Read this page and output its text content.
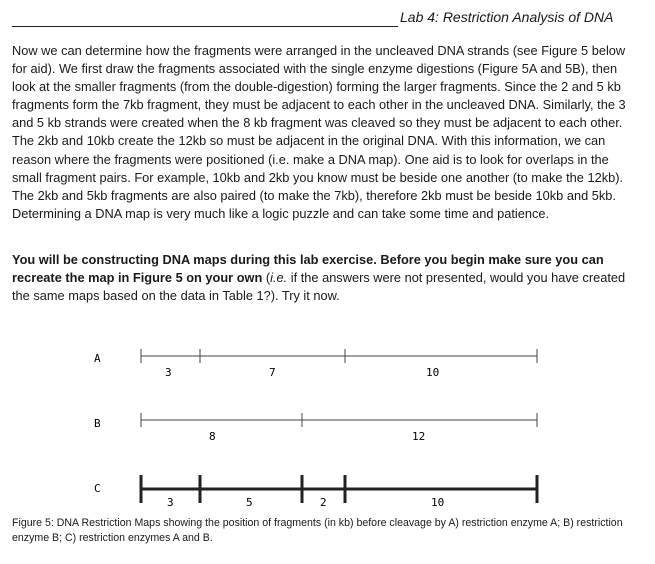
Lab 4: Restriction Analysis of DNA

Now we can determine how the fragments were arranged in the uncleaved DNA strands (see Figure 5 below for aid). We first draw the fragments associated with the single enzyme digestions (Figure 5A and 5B), then look at the smaller fragments (from the double-digestion) forming the larger fragments. Since the 2 and 5 kb fragments form the 7kb fragment, they must be adjacent to each other in the uncleaved DNA. Similarly, the 3 and 5 kb strands were created when the 8 kb fragment was cleaved so they must be adjacent to each other. The 2kb and 10kb create the 12kb so must be adjacent in the original DNA. With this information, we can reason where the fragments were positioned (i.e. make a DNA map). One aid is to look for overlaps in the small fragment pairs. For example, 10kb and 2kb you know must be beside one another (to make the 12kb). The 2kb and 5kb fragments are also paired (to make the 7kb), therefore 2kb must be beside 10kb and 5kb. Determining a DNA map is very much like a logic puzzle and can take some time and patience.

You will be constructing DNA maps during this lab exercise. Before you begin make sure you can recreate the map in Figure 5 on your own (i.e. if the answers were not presented, would you have created the same maps based on the data in Table 1?). Try it now.

A
3	7	10
B
8	12
C
3	5	2	10
Figure 5: DNA Restriction Maps showing the position of fragments (in kb) before cleavage by A) restriction enzyme A; B) restriction enzyme B; C) restriction enzymes A and B.
